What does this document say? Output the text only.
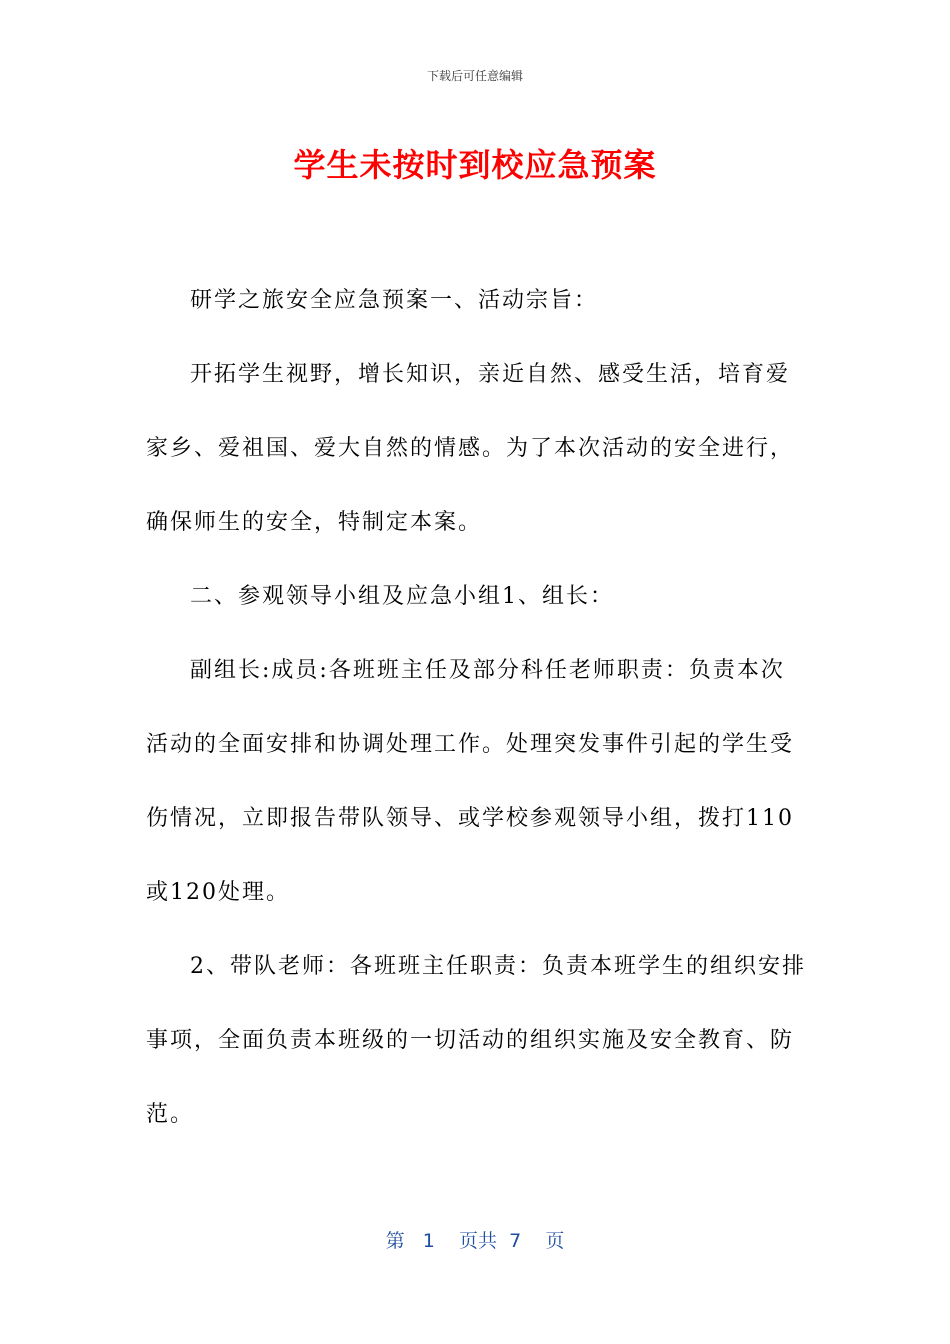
下载后可任意编辑
学生未按时到校应急预案

研学之旅安全应急预案一、活动宗旨：

开拓学生视野，增长知识，亲近自然、感受生活，培育爱家乡、爱祖国、爱大自然的情感。为了本次活动的安全进行，确保师生的安全，特制定本案。

二、参观领导小组及应急小组1、组长：

副组长:成员:各班班主任及部分科任老师职责：负责本次活动的全面安排和协调处理工作。处理突发事件引起的学生受伤情况，立即报告带队领导、或学校参观领导小组，拨打110或120处理。

2、带队老师：各班班主任职责：负责本班学生的组织安排事项，全面负责本班级的一切活动的组织实施及安全教育、防范。

第 1 页共 7 页
